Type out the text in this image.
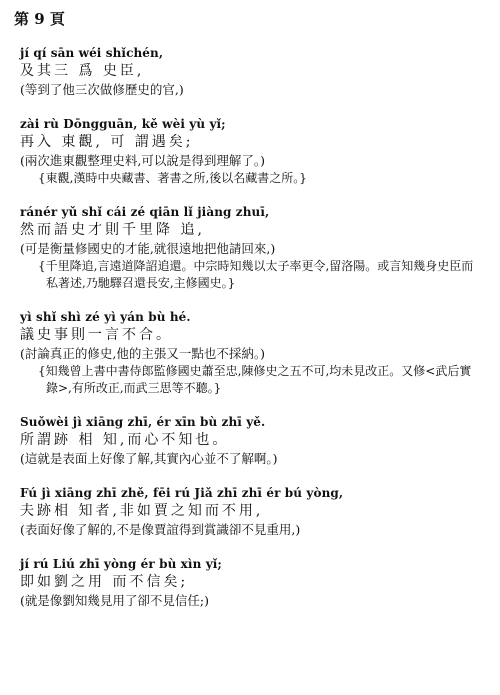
第 9 頁
jí qí sān wéi shǐchén,
及其三 爲 史臣,
(等到了他三次做修歷史的官,)
zài rù Dōngguān, kě wèi yù yǐ;
再入 東觀, 可 謂遇矣;
(兩次進東觀整理史料,可以說是得到理解了。)
{東觀,漢時中央藏書、著書之所,後以名藏書之所。}
ránér yǔ shǐ cái zé qiān lǐ jiàng zhuī,
然而語史才則千里降 追,
(可是衡量修國史的才能,就很遠地把他請回來,)
{千里降追,言遠道降詔追還。中宗時知幾以太子率更令,留洛陽。或言知幾身史臣而私著述,乃馳驛召還長安,主修國史。}
yì shǐ shì zé yì yán bù hé.
議史事則一言不合。
(討論真正的修史,他的主張又一點也不採納。)
{知幾曾上書中書侍郎監修國史蕭至忠,陳修史之五不可,均未見改正。又修<武后實錄>,有所改正,而武三思等不聽。}
Suǒwèi jì xiāng zhī, ér xīn bù zhī yě.
所謂跡 相 知,而心不知也。
(這就是表面上好像了解,其實內心並不了解啊。)
Fú jì xiāng zhī zhě, fēi rú Jiǎ zhī zhī ér bú yòng,
夫跡相 知者,非如賈之知而不用,
(表面好像了解的,不是像賈誼得到賞識卻不見重用,)
jí rú Liú zhī yòng ér bù xìn yǐ;
即如劉之用 而不信矣;
(就是像劉知幾見用了卻不見信任;)
